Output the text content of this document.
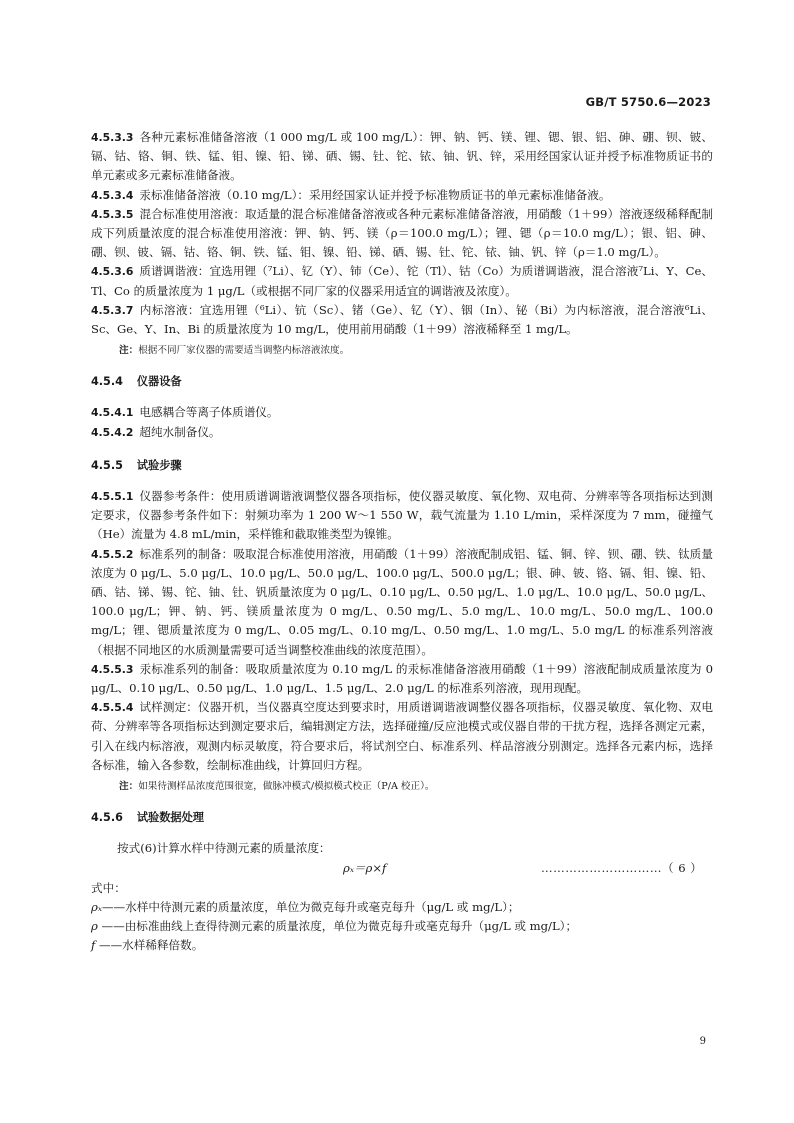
GB/T 5750.6—2023

4.5.3.3 各种元素标准储备溶液（1 000 mg/L 或 100 mg/L）：钾、钠、钙、镁、锂、锶、银、铝、砷、硼、钡、铍、镉、钴、铬、铜、铁、锰、钼、镍、铅、锑、硒、锡、钍、铊、铱、铀、钒、锌，采用经国家认证并授予标准物质证书的单元素或多元素标准储备液。

4.5.3.4 汞标准储备溶液（0.10 mg/L）：采用经国家认证并授予标准物质证书的单元素标准储备液。

4.5.3.5 混合标准使用溶液：取适量的混合标准储备溶液或各种元素标准储备溶液，用硝酸（1＋99）溶液逐级稀释配制成下列质量浓度的混合标准使用溶液：钾、钠、钙、镁（ρ＝100.0 mg/L）；锂、锶（ρ＝10.0 mg/L）；银、铝、砷、硼、钡、铍、镉、钴、铬、铜、铁、锰、钼、镍、铅、锑、硒、锡、钍、铊、铱、铀、钒、锌（ρ＝1.0 mg/L）。

4.5.3.6 质谱调谐液：宜选用锂（⁷Li）、钇（Y）、铈（Ce）、铊（Tl）、钴（Co）为质谱调谐液，混合溶液⁷Li、Y、Ce、Tl、Co 的质量浓度为 1 μg/L（或根据不同厂家的仪器采用适宜的调谐液及浓度）。

4.5.3.7 内标溶液：宜选用锂（⁶Li）、钪（Sc）、锗（Ge）、钇（Y）、铟（In）、铋（Bi）为内标溶液，混合溶液⁶Li、Sc、Ge、Y、In、Bi 的质量浓度为 10 mg/L，使用前用硝酸（1＋99）溶液稀释至 1 mg/L。

注：根据不同厂家仪器的需要适当调整内标溶液浓度。

4.5.4 仪器设备

4.5.4.1 电感耦合等离子体质谱仪。

4.5.4.2 超纯水制备仪。

4.5.5 试验步骤

4.5.5.1 仪器参考条件：使用质谱调谐液调整仪器各项指标，使仪器灵敏度、氧化物、双电荷、分辨率等各项指标达到测定要求，仪器参考条件如下：射频功率为 1 200 W～1 550 W，载气流量为 1.10 L/min，采样深度为 7 mm，碰撞气（He）流量为 4.8 mL/min，采样锥和截取锥类型为镍锥。

4.5.5.2 标准系列的制备：吸取混合标准使用溶液，用硝酸（1＋99）溶液配制成铝、锰、铜、锌、钡、硼、铁、钛质量浓度为 0 μg/L、5.0 μg/L、10.0 μg/L、50.0 μg/L、100.0 μg/L、500.0 μg/L；银、砷、铍、铬、镉、钼、镍、铅、硒、钴、锑、锡、铊、铀、钍、钒质量浓度为 0 μg/L、0.10 μg/L、0.50 μg/L、1.0 μg/L、10.0 μg/L、50.0 μg/L、100.0 μg/L；钾、钠、钙、镁质量浓度为 0 mg/L、0.50 mg/L、5.0 mg/L、10.0 mg/L、50.0 mg/L、100.0 mg/L；锂、锶质量浓度为 0 mg/L、0.05 mg/L、0.10 mg/L、0.50 mg/L、1.0 mg/L、5.0 mg/L 的标准系列溶液（根据不同地区的水质测量需要可适当调整校准曲线的浓度范围）。

4.5.5.3 汞标准系列的制备：吸取质量浓度为 0.10 mg/L 的汞标准储备溶液用硝酸（1＋99）溶液配制成质量浓度为 0 μg/L、0.10 μg/L、0.50 μg/L、1.0 μg/L、1.5 μg/L、2.0 μg/L 的标准系列溶液，现用现配。

4.5.5.4 试样测定：仪器开机，当仪器真空度达到要求时，用质谱调谐液调整仪器各项指标，仪器灵敏度、氧化物、双电荷、分辨率等各项指标达到测定要求后，编辑测定方法，选择碰撞/反应池模式或仪器自带的干扰方程，选择各测定元素，引入在线内标溶液，观测内标灵敏度，符合要求后，将试剂空白、标准系列、样品溶液分别测定。选择各元素内标，选择各标准，输入各参数，绘制标准曲线，计算回归方程。

注：如果待测样品浓度范围很宽，做脉冲模式/模拟模式校正（P/A 校正）。

4.5.6 试验数据处理

按式(6)计算水样中待测元素的质量浓度：

ρₓ＝ρ×f	…………………………（ 6 ）

式中：

ρₓ——水样中待测元素的质量浓度，单位为微克每升或毫克每升（μg/L 或 mg/L）；

ρ ——由标准曲线上查得待测元素的质量浓度，单位为微克每升或毫克每升（μg/L 或 mg/L）；

f ——水样稀释倍数。

9
